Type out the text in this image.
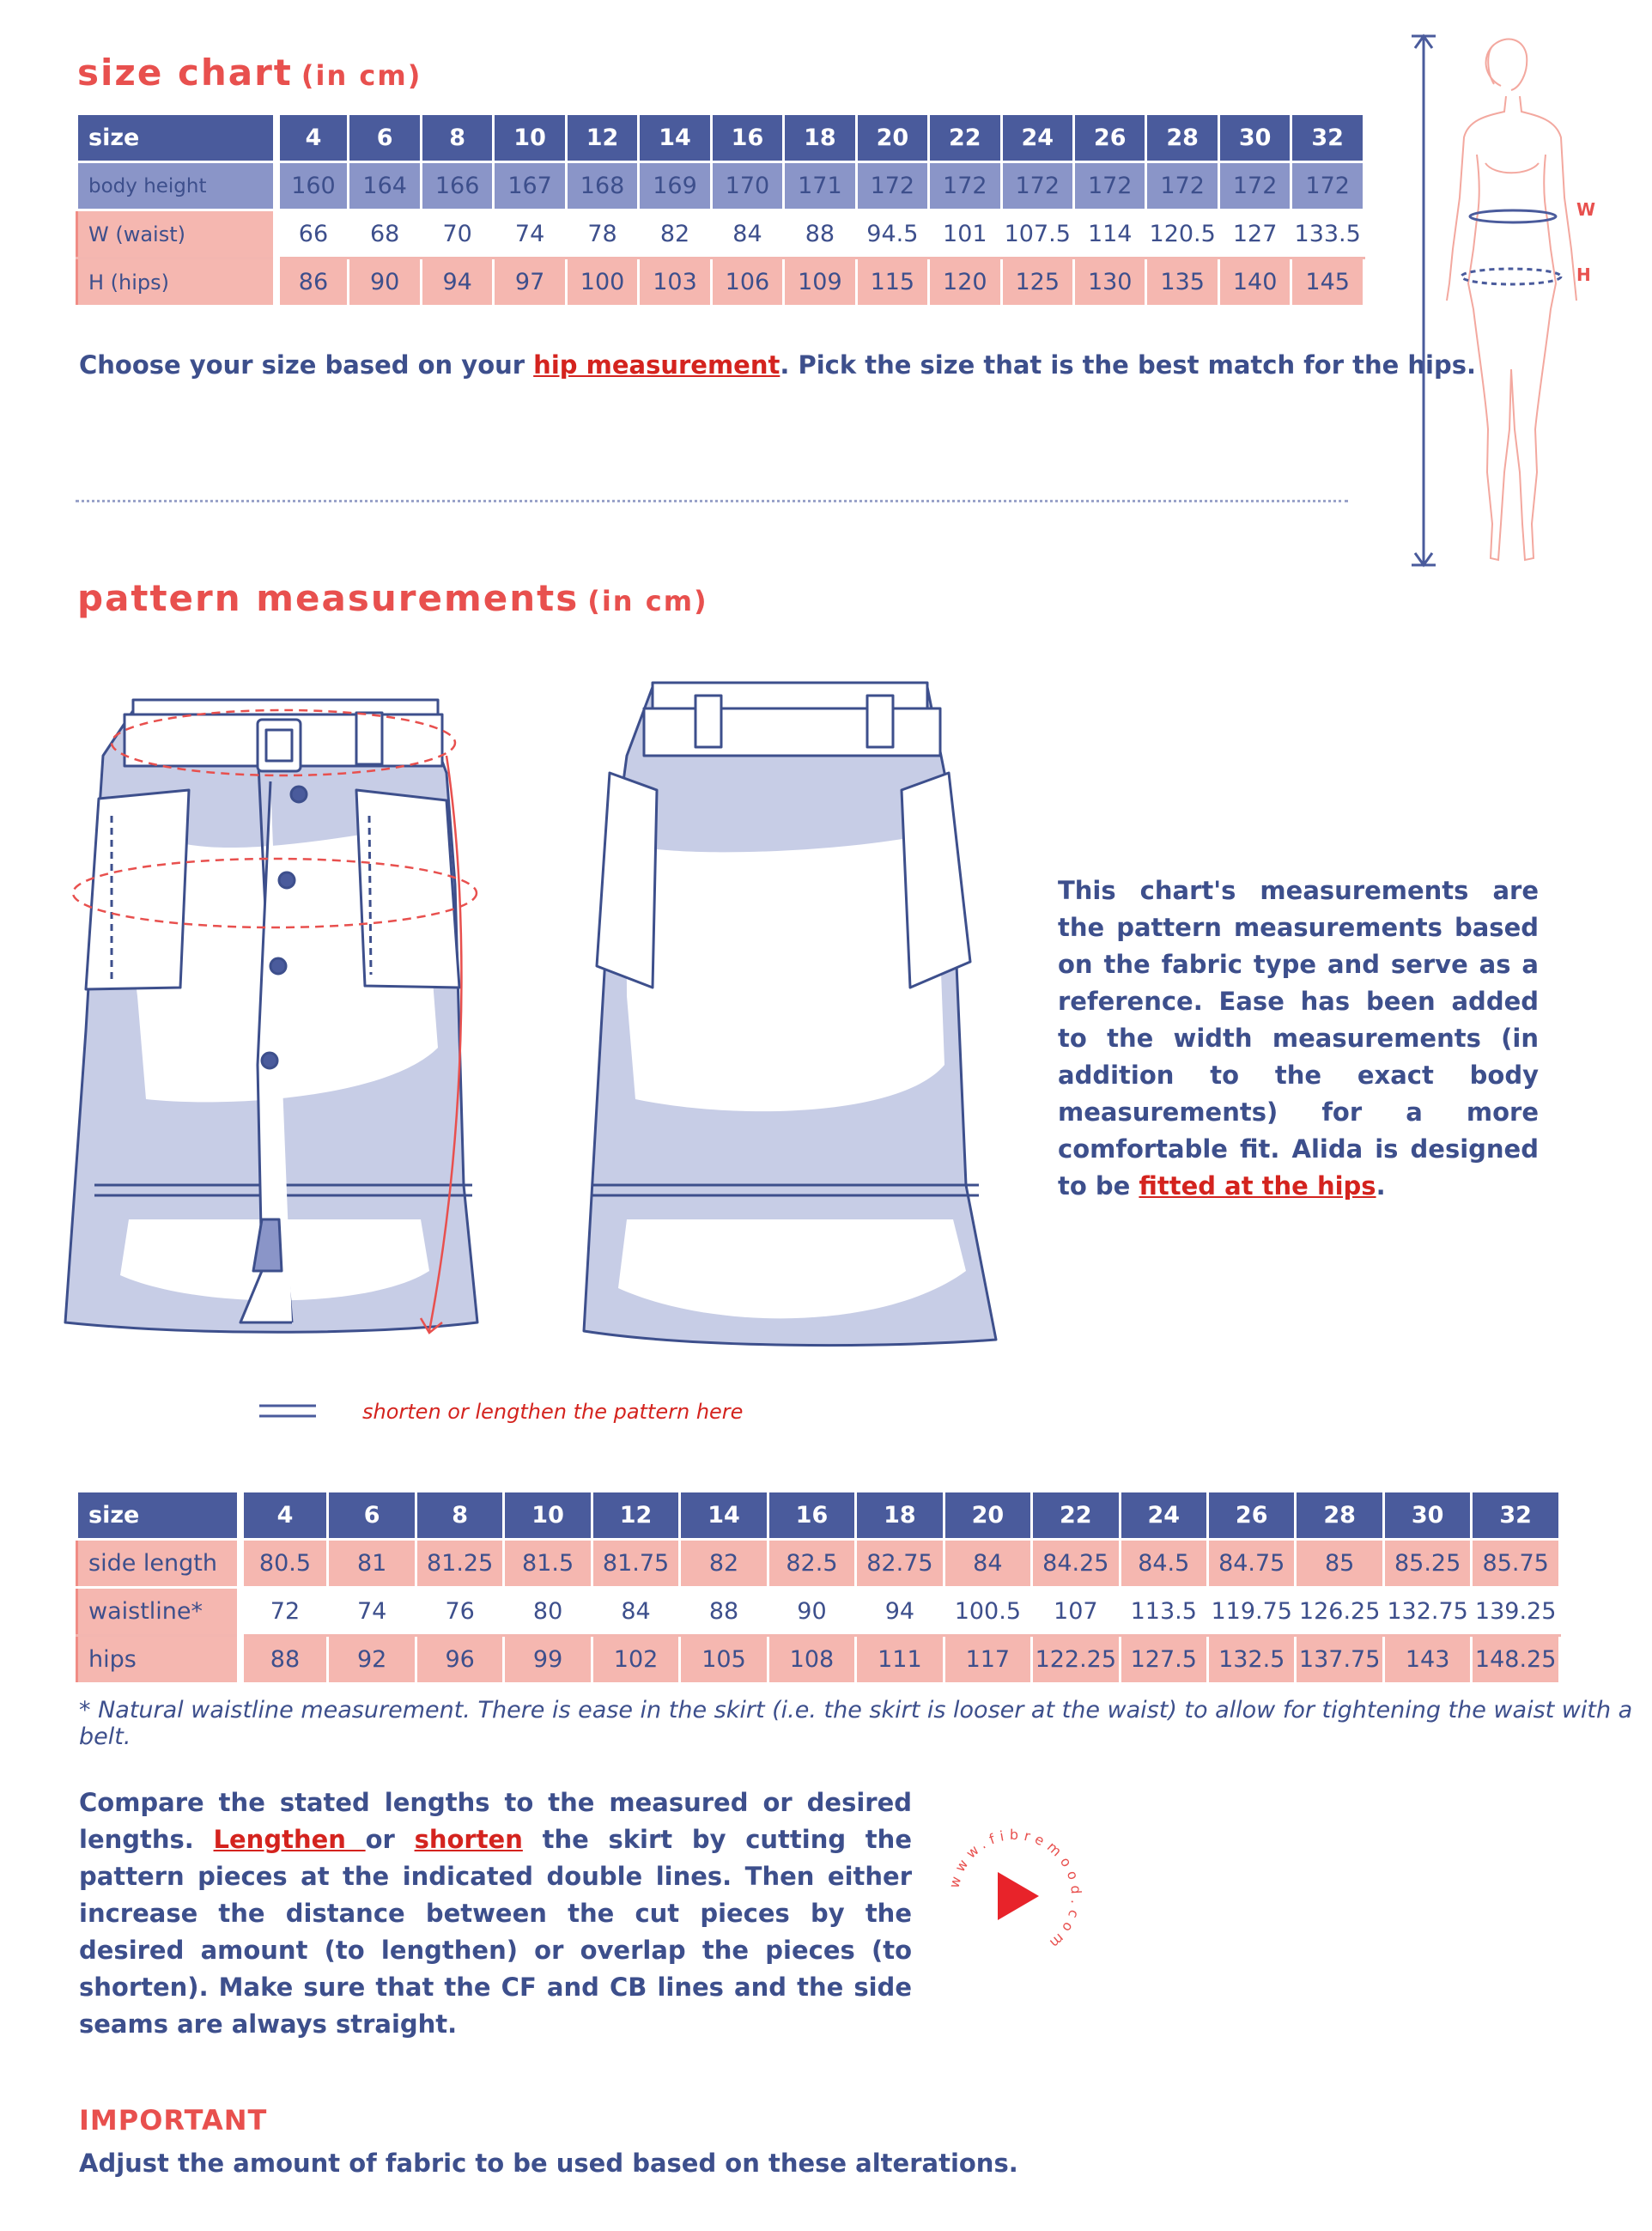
size chart (in cm)
size	4	6	8	10	12	14	16	18	20	22	24	26	28	30	32
body height	160	164	166	167	168	169	170	171	172	172	172	172	172	172	172
W (waist)	66	68	70	74	78	82	84	88	94.5	101	107.5	114	120.5	127	133.5
H (hips)	86	90	94	97	100	103	106	109	115	120	125	130	135	140	145

Choose your size based on your hip measurement. Pick the size that is the best match for the hips.

W
H
pattern measurements (in cm)

This chart's measurements are the pattern measurements based on the fabric type and serve as a reference. Ease has been added to the width measurements (in addition to the exact body measurements) for a more comfortable fit. Alida is designed to be fitted at the hips.

shorten or lengthen the pattern here

size	4	6	8	10	12	14	16	18	20	22	24	26	28	30	32
side length	80.5	81	81.25	81.5	81.75	82	82.5	82.75	84	84.25	84.5	84.75	85	85.25	85.75
waistline*	72	74	76	80	84	88	90	94	100.5	107	113.5	119.75	126.25	132.75	139.25
hips	88	92	96	99	102	105	108	111	117	122.25	127.5	132.5	137.75	143	148.25

* Natural waistline measurement. There is ease in the skirt (i.e. the skirt is looser at the waist) to allow for tightening the waist with a belt.

Compare the stated lengths to the measured or desired lengths. Lengthen or shorten the skirt by cutting the pattern pieces at the indicated double lines. Then either increase the distance between the cut pieces by the desired amount (to lengthen) or overlap the pieces (to shorten). Make sure that the CF and CB lines and the side seams are always straight.

www.fibremood.com
IMPORTANT

Adjust the amount of fabric to be used based on these alterations.
